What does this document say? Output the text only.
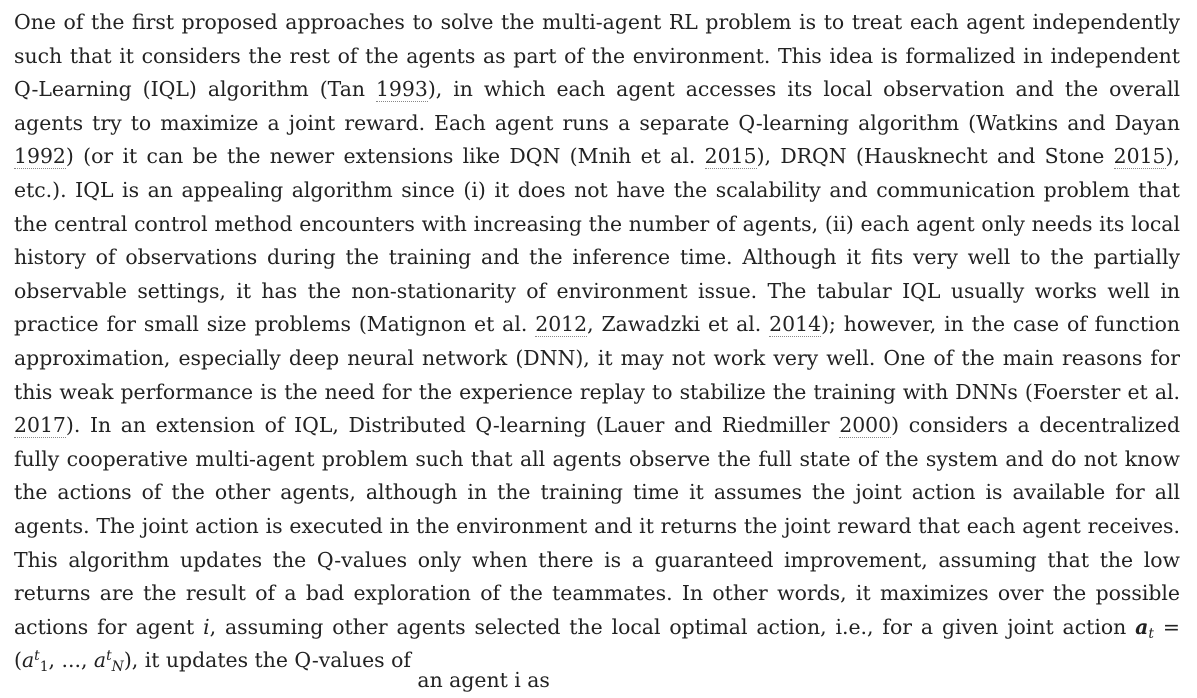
One of the first proposed approaches to solve the multi-agent RL problem is to treat each agent independently such that it considers the rest of the agents as part of the environment. This idea is formalized in independent Q-Learning (IQL) algorithm (Tan 1993), in which each agent accesses its local observation and the overall agents try to maximize a joint reward. Each agent runs a separate Q-learning algorithm (Watkins and Dayan 1992) (or it can be the newer extensions like DQN (Mnih et al. 2015), DRQN (Hausknecht and Stone 2015), etc.). IQL is an appealing algorithm since (i) it does not have the scalability and communication problem that the central control method encounters with increasing the number of agents, (ii) each agent only needs its local history of observations during the training and the inference time. Although it fits very well to the partially observable settings, it has the non-stationarity of environment issue. The tabular IQL usually works well in practice for small size problems (Matignon et al. 2012, Zawadzki et al. 2014); however, in the case of function approximation, especially deep neural network (DNN), it may not work very well. One of the main reasons for this weak performance is the need for the experience replay to stabilize the training with DNNs (Foerster et al. 2017). In an extension of IQL, Distributed Q-learning (Lauer and Riedmiller 2000) considers a decentralized fully cooperative multi-agent problem such that all agents observe the full state of the system and do not know the actions of the other agents, although in the training time it assumes the joint action is available for all agents. The joint action is executed in the environment and it returns the joint reward that each agent receives. This algorithm updates the Q-values only when there is a guaranteed improvement, assuming that the low returns are the result of a bad exploration of the teammates. In other words, it maximizes over the possible actions for agent i, assuming other agents selected the local optimal action, i.e., for a given joint action $a_t = (a^t_1$, ..., $a^t_N$), it updates the Q-values of
an agent i as
